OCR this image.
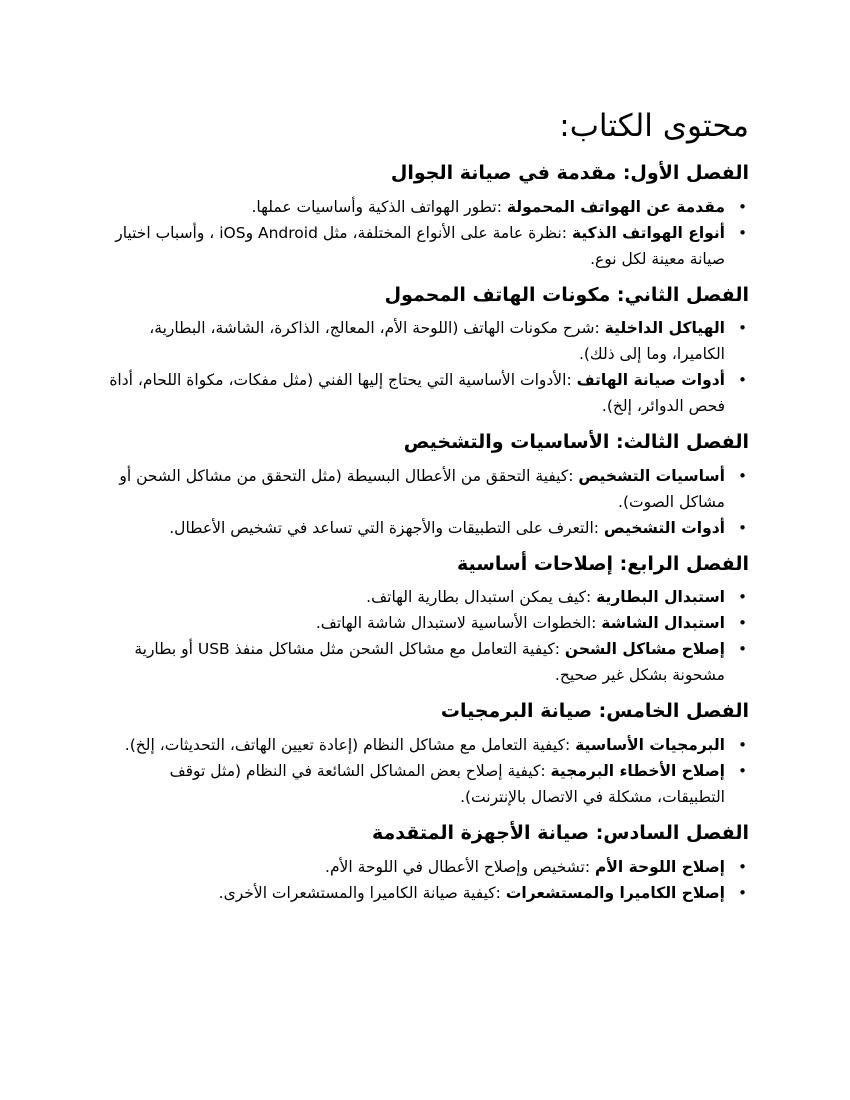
محتوى الكتاب:
الفصل الأول: مقدمة في صيانة الجوال
•
مقدمة عن الهواتف المحمولة :تطور الهواتف الذكية وأساسيات عملها.
•
أنواع الهواتف الذكية :نظرة عامة على الأنواع المختلفة، مثل Android وiOS ، وأسباب اختيار صيانة معينة لكل نوع.
الفصل الثاني: مكونات الهاتف المحمول
•
الهياكل الداخلية :شرح مكونات الهاتف (اللوحة الأم، المعالج، الذاكرة، الشاشة، البطارية، الكاميرا، وما إلى ذلك).
•
أدوات صيانة الهاتف :الأدوات الأساسية التي يحتاج إليها الفني (مثل مفكات، مكواة اللحام، أداة فحص الدوائر، إلخ).
الفصل الثالث: الأساسيات والتشخيص
•
أساسيات التشخيص :كيفية التحقق من الأعطال البسيطة (مثل التحقق من مشاكل الشحن أو مشاكل الصوت).
•
أدوات التشخيص :التعرف على التطبيقات والأجهزة التي تساعد في تشخيص الأعطال.
الفصل الرابع: إصلاحات أساسية
•
استبدال البطارية :كيف يمكن استبدال بطارية الهاتف.
•
استبدال الشاشة :الخطوات الأساسية لاستبدال شاشة الهاتف.
•
إصلاح مشاكل الشحن :كيفية التعامل مع مشاكل الشحن مثل مشاكل منفذ USB أو بطارية مشحونة بشكل غير صحيح.
الفصل الخامس: صيانة البرمجيات
•
البرمجيات الأساسية :كيفية التعامل مع مشاكل النظام (إعادة تعيين الهاتف، التحديثات، إلخ).
•
إصلاح الأخطاء البرمجية :كيفية إصلاح بعض المشاكل الشائعة في النظام (مثل توقف التطبيقات، مشكلة في الاتصال بالإنترنت).
الفصل السادس: صيانة الأجهزة المتقدمة
•
إصلاح اللوحة الأم :تشخيص وإصلاح الأعطال في اللوحة الأم.
•
إصلاح الكاميرا والمستشعرات :كيفية صيانة الكاميرا والمستشعرات الأخرى.
